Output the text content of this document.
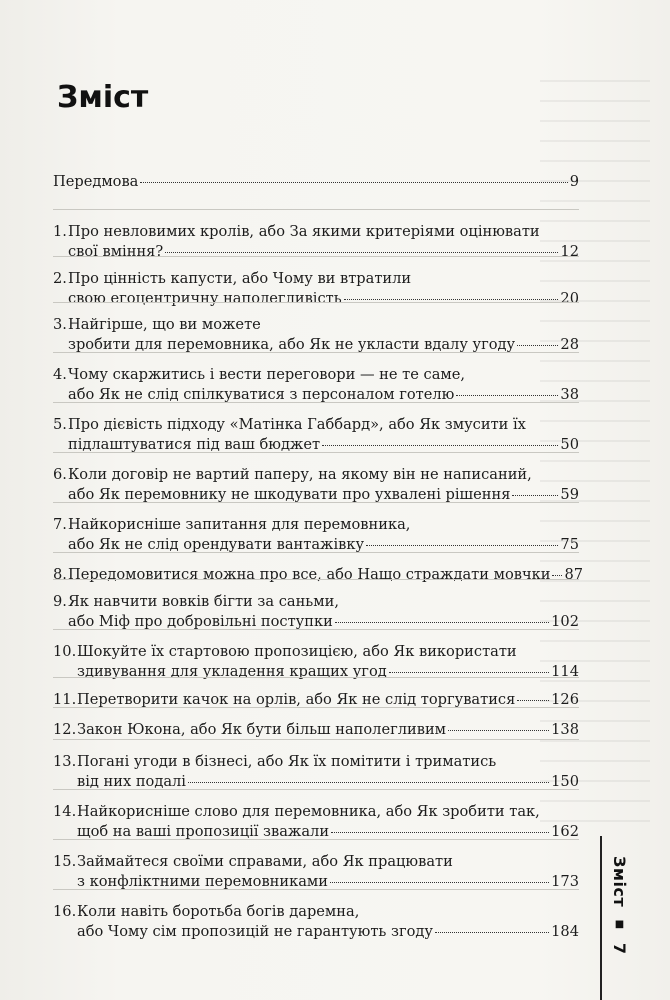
Зміст
Передмова	9
1. Про невловимих кролів, або За якими критеріями оцінювати
свої вміння?	12
2. Про цінність капусти, або Чому ви втратили
свою егоцентричну наполегливість	20
3. Найгірше, що ви можете
зробити для перемовника, або Як не укласти вдалу угоду	28
4. Чому скаржитись і вести переговори — не те саме,
або Як не слід спілкуватися з персоналом готелю	38
5. Про дієвість підходу «Матінка Габбард», або Як змусити їх
підлаштуватися під ваш бюджет	50
6. Коли договір не вартий паперу, на якому він не написаний,
або Як перемовнику не шкодувати про ухвалені рішення	59
7. Найкорисніше запитання для перемовника,
або Як не слід орендувати вантажівку	75
8. Передомовитися можна про все, або Нащо страждати мовчки 87
9. Як навчити вовків бігти за саньми,
або Міф про добровільні поступки	102
10. Шокуйте їх стартовою пропозицією, або Як використати
здивування для укладення кращих угод	114
11. Перетворити качок на орлів, або Як не слід торгуватися 126
12. Закон Юкона, або Як бути більш наполегливим	138
13. Погані угоди в бізнесі, або Як їх помітити і триматись
від них подалі	150
14. Найкорисніше слово для перемовника, або Як зробити так,
щоб на ваші пропозиції зважали	162
15. Займайтеся своїми справами, або Як працювати
з конфліктними перемовниками	173
16. Коли навіть боротьба богів даремна,
або Чому сім пропозицій не гарантують згоду	184
Зміст ■ 7
